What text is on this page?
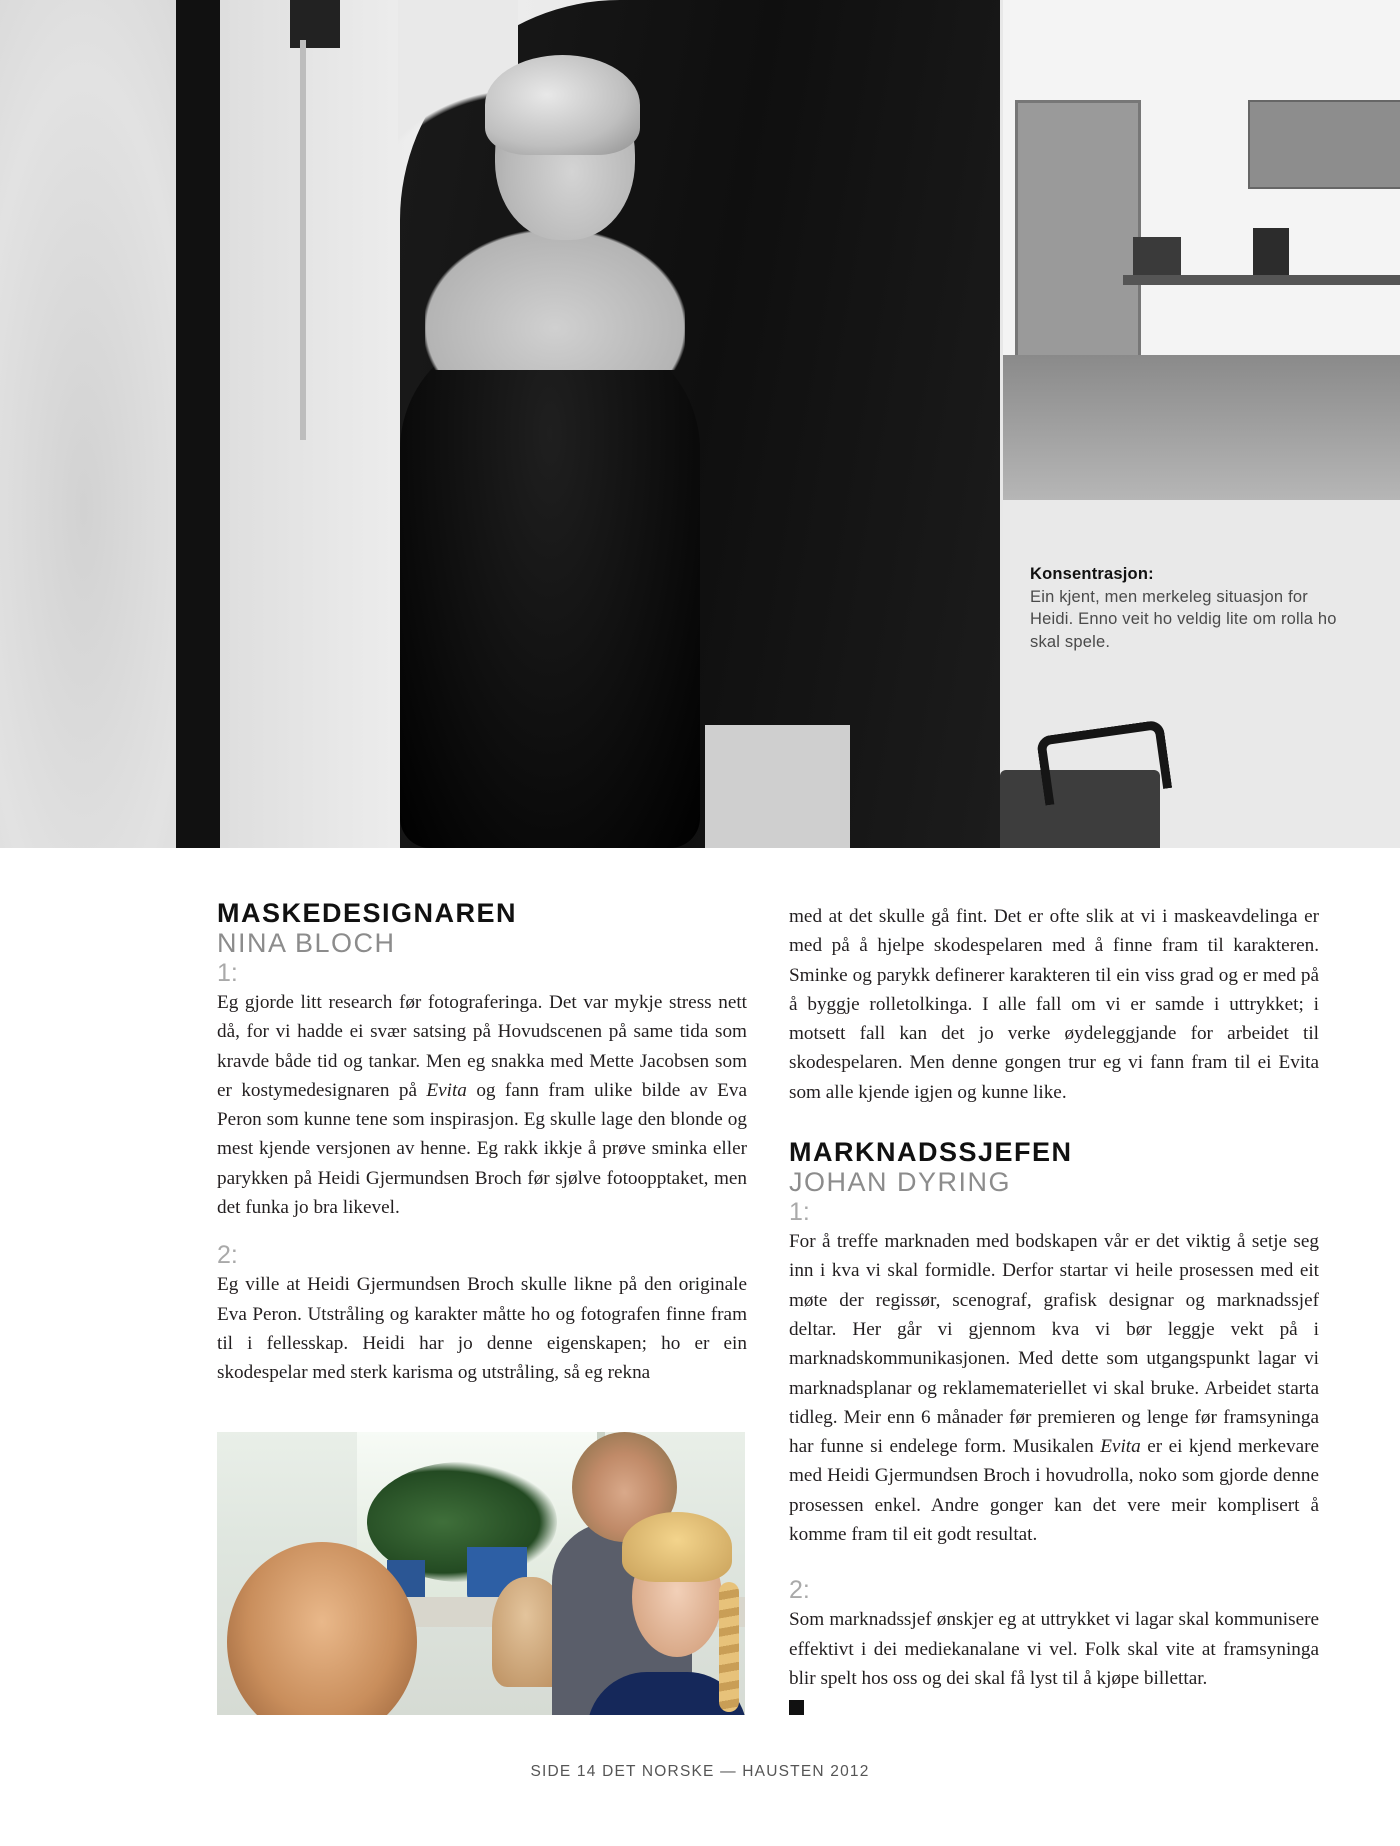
Konsentrasjon:
Ein kjent, men merkeleg situasjon for Heidi. Enno veit ho veldig lite om rolla ho skal spele.
MASKEDESIGNAREN
NINA BLOCH
1:

Eg gjorde litt research før fotograferinga. Det var mykje stress nett då, for vi hadde ei svær satsing på Hovudscenen på same tida som kravde både tid og tankar. Men eg snakka med Mette Jacobsen som er kostymedesignaren på Evita og fann fram ulike bilde av Eva Peron som kunne tene som inspirasjon. Eg skulle lage den blonde og mest kjende versjonen av henne. Eg rakk ikkje å prøve sminka eller parykken på Heidi Gjermundsen Broch før sjølve fotoopptaket, men det funka jo bra likevel.

2:

Eg ville at Heidi Gjermundsen Broch skulle likne på den originale Eva Peron. Utstråling og karakter måtte ho og fotografen finne fram til i fellesskap. Heidi har jo denne eigenskapen; ho er ein skodespelar med sterk karisma og utstråling, så eg rekna

med at det skulle gå fint. Det er ofte slik at vi i maskeavdelinga er med på å hjelpe skodespelaren med å finne fram til karakteren. Sminke og parykk definerer karakteren til ein viss grad og er med på å byggje rolletolkinga. I alle fall om vi er samde i uttrykket; i motsett fall kan det jo verke øydeleggjande for arbeidet til skodespelaren. Men denne gongen trur eg vi fann fram til ei Evita som alle kjende igjen og kunne like.

MARKNADSSJEFEN
JOHAN DYRING
1:

For å treffe marknaden med bodskapen vår er det viktig å setje seg inn i kva vi skal formidle. Derfor startar vi heile prosessen med eit møte der regissør, scenograf, grafisk designar og marknadssjef deltar. Her går vi gjennom kva vi bør leggje vekt på i marknadskommunikasjonen. Med dette som utgangspunkt lagar vi marknadsplanar og reklamemateriellet vi skal bruke. Arbeidet starta tidleg. Meir enn 6 månader før premieren og lenge før framsyninga har funne si endelege form. Musikalen Evita er ei kjend merkevare med Heidi Gjermundsen Broch i hovudrolla, noko som gjorde denne prosessen enkel. Andre gonger kan det vere meir komplisert å komme fram til eit godt resultat.

2:

Som marknadssjef ønskjer eg at uttrykket vi lagar skal kommunisere effektivt i dei mediekanalane vi vel. Folk skal vite at framsyninga blir spelt hos oss og dei skal få lyst til å kjøpe billettar.

SIDE 14 DET NORSKE — HAUSTEN 2012
